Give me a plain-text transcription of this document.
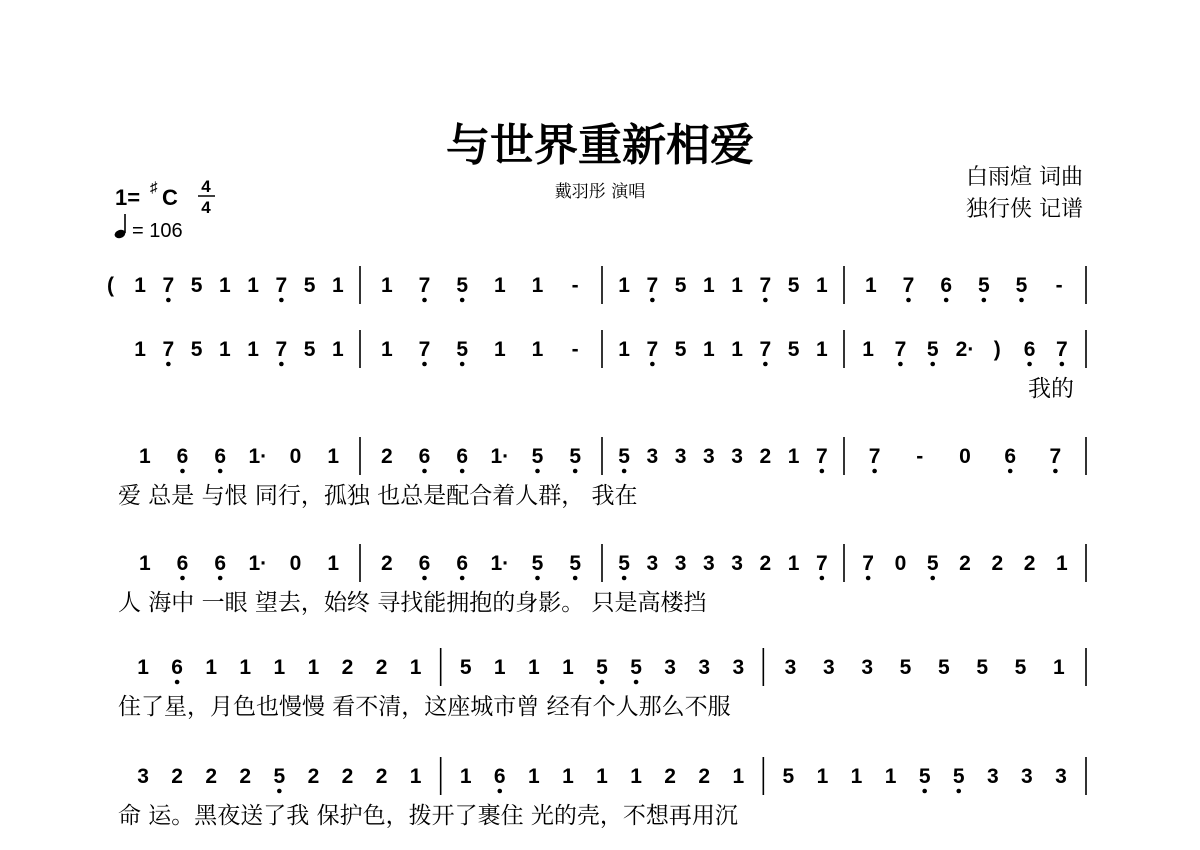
与世界重新相爱
戴羽彤 演唱
白雨煊 词曲
独行侠 记谱
1= ♯ C 4
4
= 106
( 1 7 5 1 1 7 5 1 1 7 5 1 1 - 1 7 5 1 1 7 5 1 1 7 6 5 5 -
1 7 5 1 1 7 5 1 1 7 5 1 1 - 1 7 5 1 1 7 5 1 1 7 5 2· ) 6 7
我的
1 6 6 1· 0 1 2 6 6 1· 5 5 5 3 3 3 3 2 1 7 7 - 0 6 7
爱 总是 与恨 同行，孤独 也总是配合着人群， 我在
1 6 6 1· 0 1 2 6 6 1· 5 5 5 3 3 3 3 2 1 7 7 0 5 2 2 2 1
人 海中 一眼 望去，始终 寻找能拥抱的身影。 只是高楼挡
1 6 1 1 1 1 2 2 1 5 1 1 1 5 5 3 3 3 3 3 3 5 5 5 5 1
住了星，月色也慢慢 看不清，这座城市曾 经有个人那么不服
3 2 2 2 5 2 2 2 1 1 6 1 1 1 1 2 2 1 5 1 1 1 5 5 3 3 3
命 运。黑夜送了我 保护色，拨开了裹住 光的壳，不想再用沉
